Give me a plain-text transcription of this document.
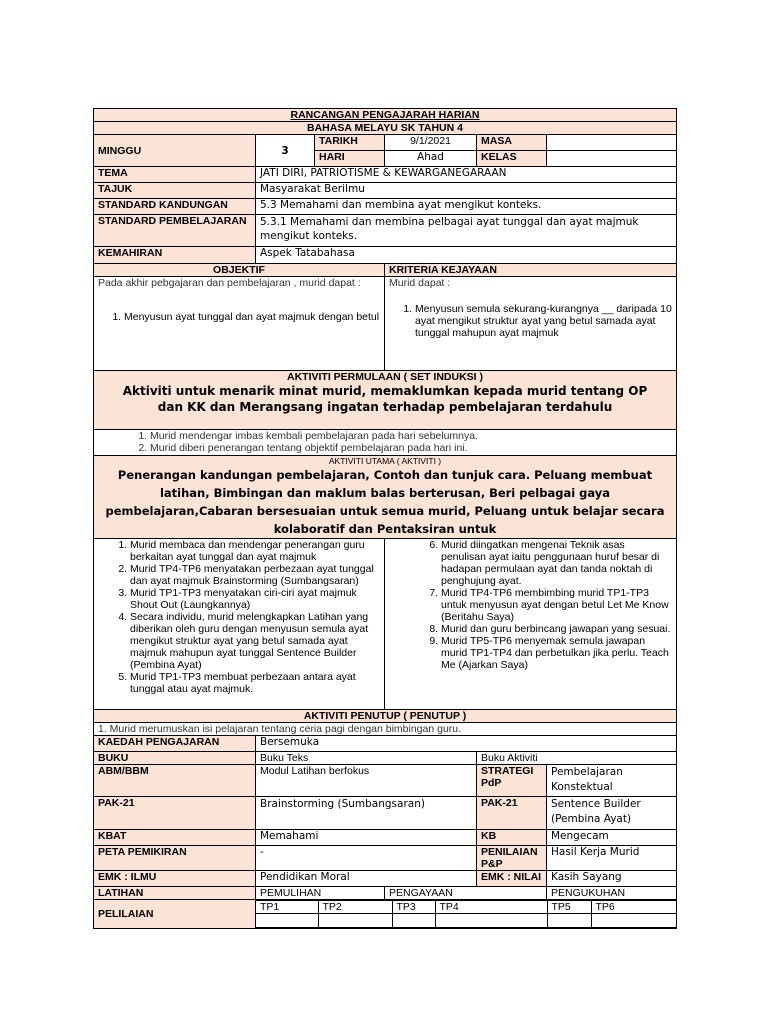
RANCANGAN PENGAJARAH HARIAN
BAHASA MELAYU SK TAHUN 4
MINGGU	3	TARIKH	9/1/2021	MASA	
HARI	Ahad	KELAS	
TEMA	JATI DIRI, PATRIOTISME & KEWARGANEGARAAN
TAJUK	Masyarakat Berilmu
STANDARD KANDUNGAN	5.3 Memahami dan membina ayat mengikut konteks.
STANDARD PEMBELAJARAN	5.3.1 Memahami dan membina pelbagai ayat tunggal dan ayat majmuk mengikut konteks.
KEMAHIRAN	Aspek Tatabahasa
OBJEKTIF	KRITERIA KEJAYAAN

Pada akhir pebgajaran dan pembelajaran , murid dapat :
1. Menyusun ayat tunggal dan ayat majmuk dengan betul

Murid dapat :
1. Menyusun semula sekurang-kurangnya __ daripada 10 ayat mengikut struktur ayat yang betul samada ayat tunggal mahupun ayat majmuk

AKTIVITI PERMULAAN ( SET INDUKSI )
Aktiviti untuk menarik minat murid, memaklumkan kepada murid tentang OP dan KK dan Merangsang ingatan terhadap pembelajaran terdahulu

1. Murid mendengar imbas kembali pembelajaran pada hari sebelumnya.
2. Murid diberi penerangan tentang objektif pembelajaran pada hari ini.

AKTIVITI UTAMA ( AKTIVITI )
Penerangan kandungan pembelajaran, Contoh dan tunjuk cara. Peluang membuat latihan, Bimbingan dan maklum balas berterusan, Beri pelbagai gaya pembelajaran,Cabaran bersesuaian untuk semua murid, Peluang untuk belajar secara kolaboratif dan Pentaksiran untuk

1. Murid membaca dan mendengar penerangan guru berkaitan ayat tunggal dan ayat majmuk
2. Murid TP4-TP6 menyatakan perbezaan ayat tunggal dan ayat majmuk Brainstorming (Sumbangsaran)
3. Murid TP1-TP3 menyatakan ciri-ciri ayat majmuk Shout Out (Laungkannya)
4. Secara individu, murid melengkapkan Latihan yang diberikan oleh guru dengan menyusun semula ayat mengikut struktur ayat yang betul samada ayat majmuk mahupun ayat tunggal Sentence Builder (Pembina Ayat)
5. Murid TP1-TP3 membuat perbezaan antara ayat tunggal atau ayat majmuk.

6. Murid diingatkan mengenai Teknik asas penulisan ayat iaitu penggunaan huruf besar di hadapan permulaan ayat dan tanda noktah di penghujung ayat.
7. Murid TP4-TP6 membimbing murid TP1-TP3 untuk menyusun ayat dengan betul Let Me Know (Beritahu Saya)
8. Murid dan guru berbincang jawapan yang sesuai.
9. Murid TP5-TP6 menyemak semula jawapan murid TP1-TP4 dan perbetulkan jika perlu. Teach Me (Ajarkan Saya)

AKTIVITI PENUTUP ( PENUTUP )
1. Murid merumuskan isi pelajaran tentang ceria pagi dengan bimbingan guru.
KAEDAH PENGAJARAN	Bersemuka
BUKU	Buku Teks	Buku Aktiviti
ABM/BBM	Modul Latihan berfokus	STRATEGI PdP	Pembelajaran Konstektual
PAK-21	Brainstorming (Sumbangsaran)	PAK-21	Sentence Builder (Pembina Ayat)
KBAT	Memahami	KB	Mengecam
PETA PEMIKIRAN	-	PENILAIAN P&P	Hasil Kerja Murid
EMK : ILMU	Pendidikan Moral	EMK : NILAI	Kasih Sayang
LATIHAN	PEMULIHAN	PENGAYAAN	PENGUKUHAN
PELILAIAN	
TP1	TP2	TP3	TP4	TP5	TP6
